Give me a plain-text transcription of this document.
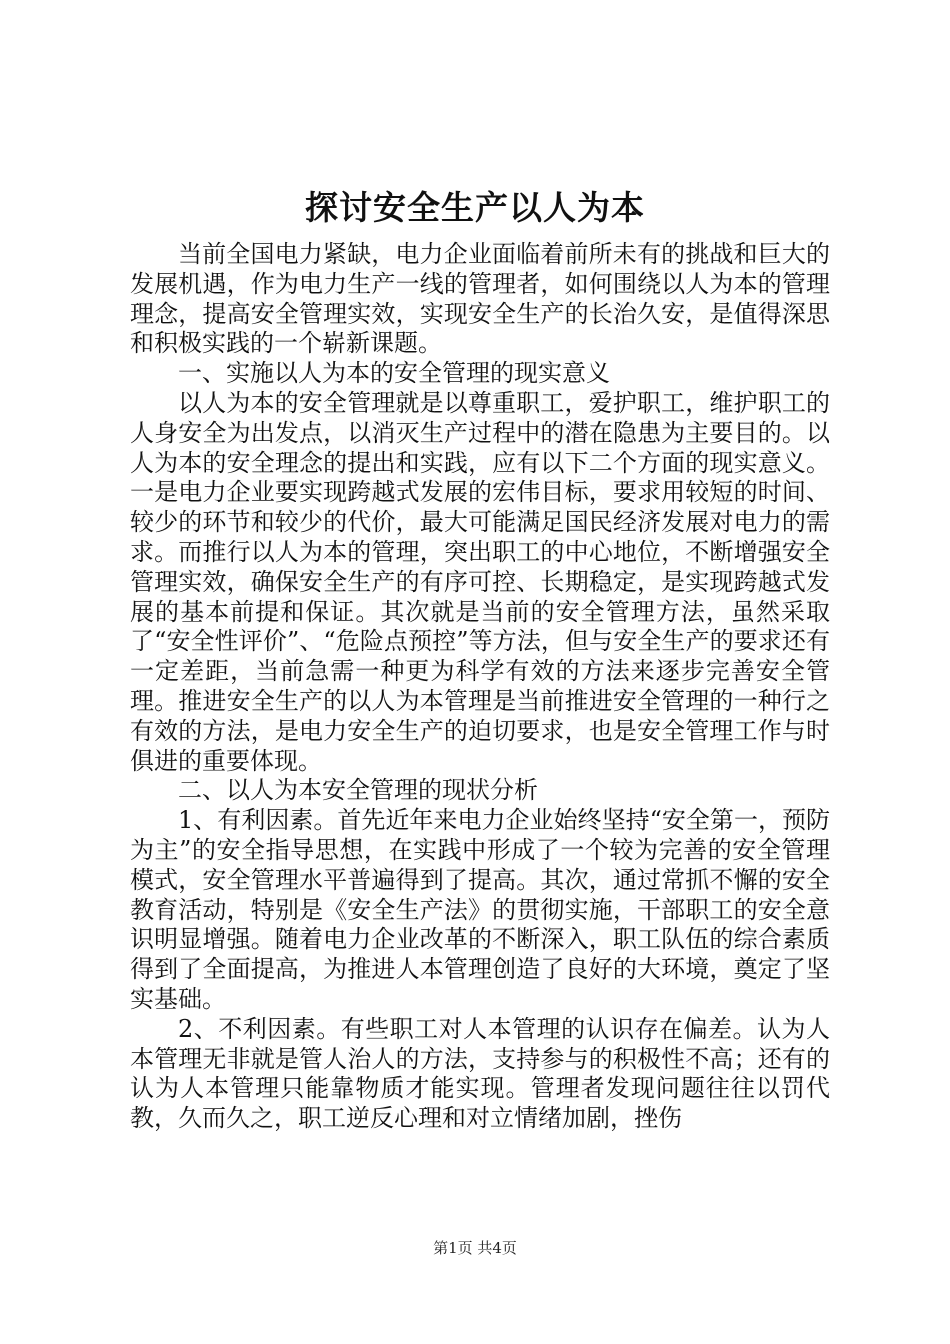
探讨安全生产以人为本

当前全国电力紧缺，电力企业面临着前所未有的挑战和巨大的发展机遇，作为电力生产一线的管理者，如何围绕以人为本的管理理念，提高安全管理实效，实现安全生产的长治久安，是值得深思和积极实践的一个崭新课题。

一、实施以人为本的安全管理的现实意义

以人为本的安全管理就是以尊重职工，爱护职工，维护职工的人身安全为出发点，以消灭生产过程中的潜在隐患为主要目的。以人为本的安全理念的提出和实践，应有以下二个方面的现实意义。一是电力企业要实现跨越式发展的宏伟目标，要求用较短的时间、较少的环节和较少的代价，最大可能满足国民经济发展对电力的需求。而推行以人为本的管理，突出职工的中心地位，不断增强安全管理实效，确保安全生产的有序可控、长期稳定，是实现跨越式发展的基本前提和保证。其次就是当前的安全管理方法，虽然采取了“安全性评价”、“危险点预控”等方法，但与安全生产的要求还有一定差距，当前急需一种更为科学有效的方法来逐步完善安全管理。推进安全生产的以人为本管理是当前推进安全管理的一种行之有效的方法，是电力安全生产的迫切要求，也是安全管理工作与时俱进的重要体现。

二、以人为本安全管理的现状分析

1、有利因素。首先近年来电力企业始终坚持“安全第一，预防为主”的安全指导思想，在实践中形成了一个较为完善的安全管理模式，安全管理水平普遍得到了提高。其次，通过常抓不懈的安全教育活动，特别是《安全生产法》的贯彻实施，干部职工的安全意识明显增强。随着电力企业改革的不断深入，职工队伍的综合素质得到了全面提高，为推进人本管理创造了良好的大环境，奠定了坚实基础。

2、不利因素。有些职工对人本管理的认识存在偏差。认为人本管理无非就是管人治人的方法，支持参与的积极性不高；还有的认为人本管理只能靠物质才能实现。管理者发现问题往往以罚代教，久而久之，职工逆反心理和对立情绪加剧，挫伤

第1页 共4页
